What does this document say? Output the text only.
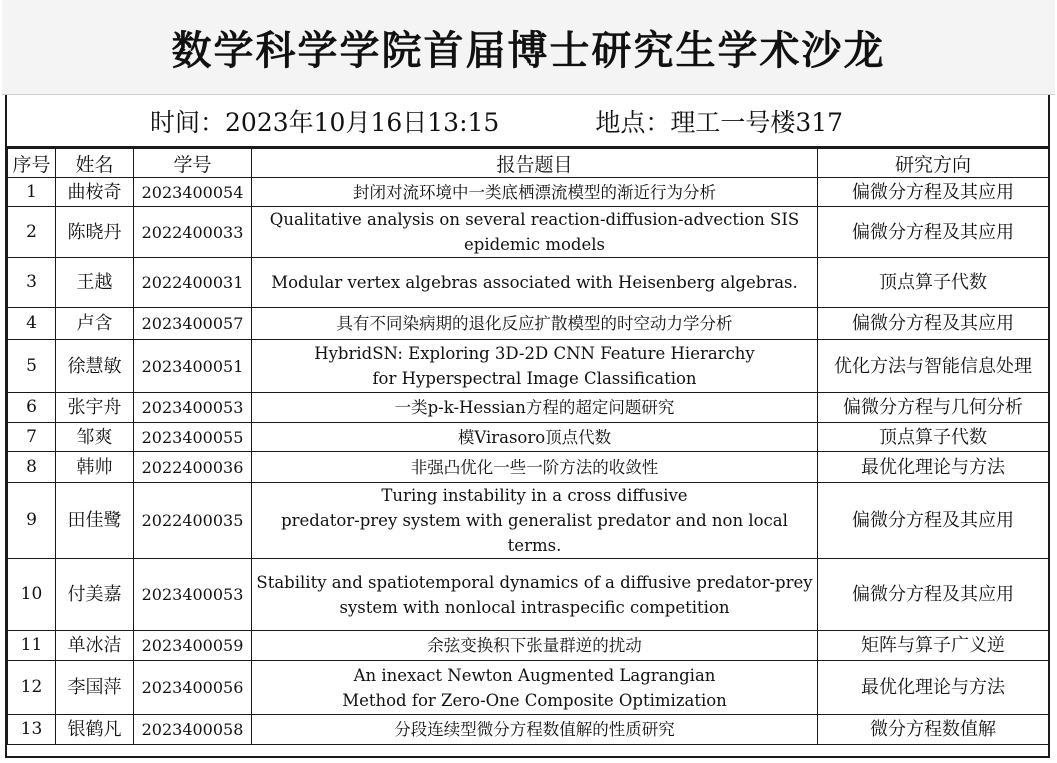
数学科学学院首届博士研究生学术沙龙
时间： 2023年10月16日13:15	地点： 理工一号楼317
序号	姓名	学号	报告题目	研究方向
1	曲桉奇	2023400054	封闭对流环境中一类底栖漂流模型的渐近行为分析	偏微分方程及其应用
2	陈晓丹	2022400033	Qualitative analysis on several reaction-diffusion-advection SIS
epidemic models	偏微分方程及其应用
3	王越	2022400031	Modular vertex algebras associated with Heisenberg algebras.	顶点算子代数
4	卢含	2023400057	具有不同染病期的退化反应扩散模型的时空动力学分析	偏微分方程及其应用
5	徐慧敏	2023400051	HybridSN: Exploring 3D-2D CNN Feature Hierarchy
for Hyperspectral Image Classification	优化方法与智能信息处理
6	张宇舟	2023400053	一类p-k-Hessian方程的超定问题研究	偏微分方程与几何分析
7	邹爽	2023400055	模Virasoro顶点代数	顶点算子代数
8	韩帅	2022400036	非强凸优化一些一阶方法的收敛性	最优化理论与方法
9	田佳鹭	2022400035	Turing instability in a cross diffusive
predator-prey system with generalist predator and non local terms.	偏微分方程及其应用
10	付美嘉	2023400053	Stability and spatiotemporal dynamics of a diffusive predator-prey
system with nonlocal intraspecific competition	偏微分方程及其应用
11	单冰洁	2023400059	余弦变换积下张量群逆的扰动	矩阵与算子广义逆
12	李国萍	2023400056	An inexact Newton Augmented Lagrangian
Method for Zero-One Composite Optimization	最优化理论与方法
13	银鹤凡	2023400058	分段连续型微分方程数值解的性质研究	微分方程数值解
